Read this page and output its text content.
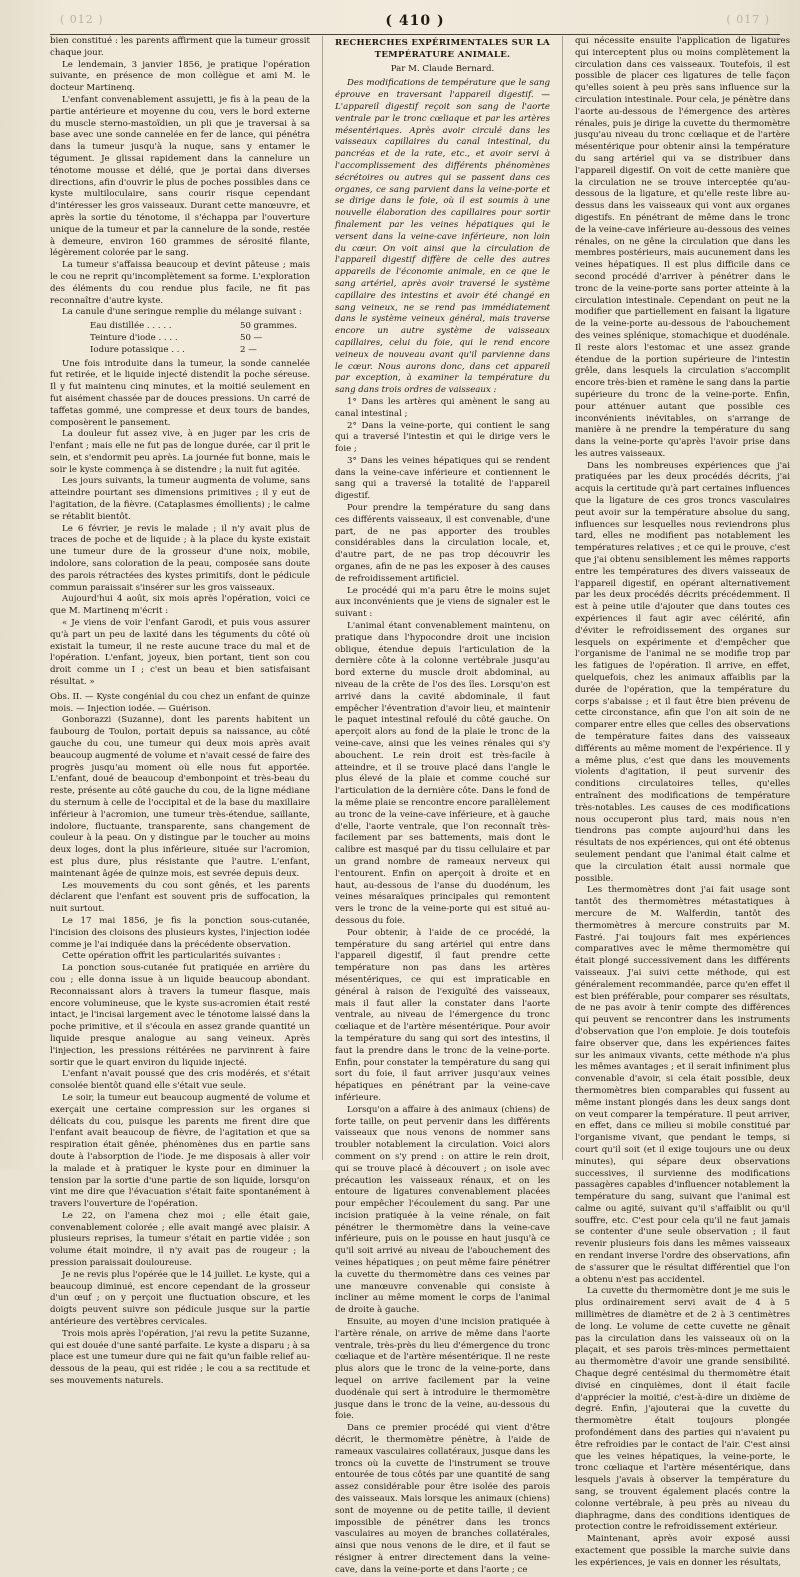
( 012 )	( 410 )	( 017 )

bien constitué : les parents affirment que la tumeur grossit chaque jour.

Le lendemain, 3 janvier 1856, je pratique l'opération suivante, en présence de mon collègue et ami M. le docteur Martinenq.

L'enfant convenablement assujetti, je fis à la peau de la partie antérieure et moyenne du cou, vers le bord externe du muscle sterno-mastoïdien, un pli que je traversai à sa base avec une sonde cannelée en fer de lance, qui pénétra dans la tumeur jusqu'à la nuque, sans y entamer le tégument. Je glissai rapidement dans la cannelure un ténotome mousse et délié, que je portai dans diverses directions, afin d'ouvrir le plus de poches possibles dans ce kyste multiloculaire, sans courir risque cependant d'intéresser les gros vaisseaux. Durant cette manœuvre, et après la sortie du ténotome, il s'échappa par l'ouverture unique de la tumeur et par la cannelure de la sonde, restée à demeure, environ 160 grammes de sérosité filante, légèrement colorée par le sang.

La tumeur s'affaissa beaucoup et devint pâteuse ; mais le cou ne reprit qu'incomplètement sa forme. L'exploration des éléments du cou rendue plus facile, ne fit pas reconnaître d'autre kyste.

La canule d'une seringue remplie du mélange suivant :

Eau distillée . . . . .	50 grammes.
Teinture d'iode . . . .	50 —
Iodure potassique . . .	2 —

Une fois introduite dans la tumeur, la sonde cannelée fut retirée, et le liquide injecté distendit la poche séreuse. Il y fut maintenu cinq minutes, et la moitié seulement en fut aisément chassée par de douces pressions. Un carré de taffetas gommé, une compresse et deux tours de bandes, composèrent le pansement.

La douleur fut assez vive, à en juger par les cris de l'enfant ; mais elle ne fut pas de longue durée, car il prit le sein, et s'endormit peu après. La journée fut bonne, mais le soir le kyste commença à se distendre ; la nuit fut agitée.

Les jours suivants, la tumeur augmenta de volume, sans atteindre pourtant ses dimensions primitives ; il y eut de l'agitation, de la fièvre. (Cataplasmes émollients) ; le calme se rétablit bientôt.

Le 6 février, je revis le malade ; il n'y avait plus de traces de poche et de liquide ; à la place du kyste existait une tumeur dure de la grosseur d'une noix, mobile, indolore, sans coloration de la peau, composée sans doute des parois rétractées des kystes primitifs, dont le pédicule commun paraissait s'insérer sur les gros vaisseaux.

Aujourd'hui 4 août, six mois après l'opération, voici ce que M. Martinenq m'écrit :

« Je viens de voir l'enfant Garodi, et puis vous assurer qu'à part un peu de laxité dans les téguments du côté où existait la tumeur, il ne reste aucune trace du mal et de l'opération. L'enfant, joyeux, bien portant, tient son cou droit comme un I ; c'est un beau et bien satisfaisant résultat. »

Obs. II. — Kyste congénial du cou chez un enfant de quinze mois. — Injection iodée. — Guérison.

Gonborazzi (Suzanne), dont les parents habitent un faubourg de Toulon, portait depuis sa naissance, au côté gauche du cou, une tumeur qui deux mois après avait beaucoup augmenté de volume et n'avait cessé de faire des progrès jusqu'au moment où elle nous fut apportée. L'enfant, doué de beaucoup d'embonpoint et très-beau du reste, présente au côté gauche du cou, de la ligne médiane du sternum à celle de l'occipital et de la base du maxillaire inférieur à l'acromion, une tumeur très-étendue, saillante, indolore, fluctuante, transparente, sans changement de couleur à la peau. On y distingue par le toucher au moins deux loges, dont la plus inférieure, située sur l'acromion, est plus dure, plus résistante que l'autre. L'enfant, maintenant âgée de quinze mois, est sevrée depuis deux.

Les mouvements du cou sont gênés, et les parents déclarent que l'enfant est souvent pris de suffocation, la nuit surtout.

Le 17 mai 1856, je fis la ponction sous-cutanée, l'incision des cloisons des plusieurs kystes, l'injection iodée comme je l'ai indiquée dans la précédente observation.

Cette opération offrit les particularités suivantes :

La ponction sous-cutanée fut pratiquée en arrière du cou ; elle donna issue à un liquide beaucoup abondant. Reconnaissant alors à travers la tumeur flasque, mais encore volumineuse, que le kyste sus-acromien était resté intact, je l'incisai largement avec le ténotome laissé dans la poche primitive, et il s'écoula en assez grande quantité un liquide presque analogue au sang veineux. Après l'injection, les pressions réitérées ne parvinrent à faire sortir que le quart environ du liquide injecté.

L'enfant n'avait poussé que des cris modérés, et s'était consolée bientôt quand elle s'était vue seule.

Le soir, la tumeur eut beaucoup augmenté de volume et exerçait une certaine compression sur les organes si délicats du cou, puisque les parents me firent dire que l'enfant avait beaucoup de fièvre, de l'agitation et que sa respiration était gênée, phénomènes dus en partie sans doute à l'absorption de l'iode. Je me disposais à aller voir la malade et à pratiquer le kyste pour en diminuer la tension par la sortie d'une partie de son liquide, lorsqu'on vint me dire que l'évacuation s'était faite spontanément à travers l'ouverture de l'opération.

Le 22, on l'amena chez moi ; elle était gaie, convenablement colorée ; elle avait mangé avec plaisir. A plusieurs reprises, la tumeur s'était en partie vidée ; son volume était moindre, il n'y avait pas de rougeur ; la pression paraissait douloureuse.

Je ne revis plus l'opérée que le 14 juillet. Le kyste, qui a beaucoup diminué, est encore cependant de la grosseur d'un œuf ; on y perçoit une fluctuation obscure, et les doigts peuvent suivre son pédicule jusque sur la partie antérieure des vertèbres cervicales.

Trois mois après l'opération, j'ai revu la petite Suzanne, qui est douée d'une santé parfaite. Le kyste a disparu ; à sa place est une tumeur dure qui ne fait qu'un faible relief au-dessous de la peau, qui est ridée ; le cou a sa rectitude et ses mouvements naturels.

RECHERCHES EXPÉRIMENTALES SUR LA TEMPÉRATURE ANIMALE.
Par M. Claude Bernard.

Des modifications de température que le sang éprouve en traversant l'appareil digestif. — L'appareil digestif reçoit son sang de l'aorte ventrale par le tronc cœliaque et par les artères mésentériques. Après avoir circulé dans les vaisseaux capillaires du canal intestinal, du pancréas et de la rate, etc., et avoir servi à l'accomplissement des différents phénomènes sécrétoires ou autres qui se passent dans ces organes, ce sang parvient dans la veine-porte et se dirige dans le foie, où il est soumis à une nouvelle élaboration des capillaires pour sortir finalement par les veines hépatiques qui le versent dans la veine-cave inférieure, non loin du cœur. On voit ainsi que la circulation de l'appareil digestif diffère de celle des autres appareils de l'économie animale, en ce que le sang artériel, après avoir traversé le système capillaire des intestins et avoir été changé en sang veineux, ne se rend pas immédiatement dans le système veineux général, mais traverse encore un autre système de vaisseaux capillaires, celui du foie, qui le rend encore veineux de nouveau avant qu'il parvienne dans le cœur. Nous aurons donc, dans cet appareil par exception, à examiner la température du sang dans trois ordres de vaisseaux :

1° Dans les artères qui amènent le sang au canal intestinal ;

2° Dans la veine-porte, qui contient le sang qui a traversé l'intestin et qui le dirige vers le foie ;

3° Dans les veines hépatiques qui se rendent dans la veine-cave inférieure et contiennent le sang qui a traversé la totalité de l'appareil digestif.

Pour prendre la température du sang dans ces différents vaisseaux, il est convenable, d'une part, de ne pas apporter des troubles considérables dans la circulation locale, et, d'autre part, de ne pas trop découvrir les organes, afin de ne pas les exposer à des causes de refroidissement artificiel.

Le procédé qui m'a paru être le moins sujet aux inconvénients que je viens de signaler est le suivant :

L'animal étant convenablement maintenu, on pratique dans l'hypocondre droit une incision oblique, étendue depuis l'articulation de la dernière côte à la colonne vertébrale jusqu'au bord externe du muscle droit abdominal, au niveau de la crête de l'os des îles. Lorsqu'on est arrivé dans la cavité abdominale, il faut empêcher l'éventration d'avoir lieu, et maintenir le paquet intestinal refoulé du côté gauche. On aperçoit alors au fond de la plaie le tronc de la veine-cave, ainsi que les veines rénales qui s'y abouchent. Le rein droit est très-facile à atteindre, et il se trouve placé dans l'angle le plus élevé de la plaie et comme couché sur l'articulation de la dernière côte. Dans le fond de la même plaie se rencontre encore parallèlement au tronc de la veine-cave inférieure, et à gauche d'elle, l'aorte ventrale, que l'on reconnaît très-facilement par ses battements, mais dont le calibre est masqué par du tissu cellulaire et par un grand nombre de rameaux nerveux qui l'entourent. Enfin on aperçoit à droite et en haut, au-dessous de l'anse du duodénum, les veines mésaraïques principales qui remontent vers le tronc de la veine-porte qui est situé au-dessous du foie.

Pour obtenir, à l'aide de ce procédé, la température du sang artériel qui entre dans l'appareil digestif, il faut prendre cette température non pas dans les artères mésentériques, ce qui est impraticable en général à raison de l'exiguïté des vaisseaux, mais il faut aller la constater dans l'aorte ventrale, au niveau de l'émergence du tronc cœliaque et de l'artère mésentérique. Pour avoir la température du sang qui sort des intestins, il faut la prendre dans le tronc de la veine-porte. Enfin, pour constater la température du sang qui sort du foie, il faut arriver jusqu'aux veines hépatiques en pénétrant par la veine-cave inférieure.

Lorsqu'on a affaire à des animaux (chiens) de forte taille, on peut pervenir dans les différents vaisseaux que nous venons de nommer sans troubler notablement la circulation. Voici alors comment on s'y prend : on attire le rein droit, qui se trouve placé à découvert ; on isole avec précaution les vaisseaux rénaux, et on les entoure de ligatures convenablement placées pour empêcher l'écoulement du sang. Par une incision pratiquée à la veine rénale, on fait pénétrer le thermomètre dans la veine-cave inférieure, puis on le pousse en haut jusqu'à ce qu'il soit arrivé au niveau de l'abouchement des veines hépatiques ; on peut même faire pénétrer la cuvette du thermomètre dans ces veines par une manœuvre convenable qui consiste à incliner au même moment le corps de l'animal de droite à gauche.

Ensuite, au moyen d'une incision pratiquée à l'artère rénale, on arrive de même dans l'aorte ventrale, très-près du lieu d'émergence du tronc cœliaque et de l'artère mésentérique. Il ne reste plus alors que le tronc de la veine-porte, dans lequel on arrive facilement par la veine duodénale qui sert à introduire le thermomètre jusque dans le tronc de la veine, au-dessous du foie.

Dans ce premier procédé qui vient d'être décrit, le thermomètre pénètre, à l'aide de rameaux vasculaires collatéraux, jusque dans les troncs où la cuvette de l'instrument se trouve entourée de tous côtés par une quantité de sang assez considérable pour être isolée des parois des vaisseaux. Mais lorsque les animaux (chiens) sont de moyenne ou de petite taille, il devient impossible de pénétrer dans les troncs vasculaires au moyen de branches collatérales, ainsi que nous venons de le dire, et il faut se résigner à entrer directement dans la veine-cave, dans la veine-porte et dans l'aorte ; ce

qui nécessite ensuite l'application de ligatures qui interceptent plus ou moins complètement la circulation dans ces vaisseaux. Toutefois, il est possible de placer ces ligatures de telle façon qu'elles soient à peu près sans influence sur la circulation intestinale. Pour cela, je pénètre dans l'aorte au-dessous de l'émergence des artères rénales, puis je dirige la cuvette du thermomètre jusqu'au niveau du tronc cœliaque et de l'artère mésentérique pour obtenir ainsi la température du sang artériel qui va se distribuer dans l'appareil digestif. On voit de cette manière que la circulation ne se trouve interceptée qu'au-dessous de la ligature, et qu'elle reste libre au-dessus dans les vaisseaux qui vont aux organes digestifs. En pénétrant de même dans le tronc de la veine-cave inférieure au-dessous des veines rénales, on ne gêne la circulation que dans les membres postérieurs, mais aucunement dans les veines hépatiques. Il est plus difficile dans ce second procédé d'arriver à pénétrer dans le tronc de la veine-porte sans porter atteinte à la circulation intestinale. Cependant on peut ne la modifier que partiellement en faisant la ligature de la veine-porte au-dessous de l'abouchement des veines splénique, stomachique et duodénale. Il reste alors l'estomac et une assez grande étendue de la portion supérieure de l'intestin grêle, dans lesquels la circulation s'accomplit encore très-bien et ramène le sang dans la partie supérieure du tronc de la veine-porte. Enfin, pour atténuer autant que possible ces inconvénients inévitables, on s'arrange de manière à ne prendre la température du sang dans la veine-porte qu'après l'avoir prise dans les autres vaisseaux.

Dans les nombreuses expériences que j'ai pratiquées par les deux procédés décrits, j'ai acquis la certitude qu'à part certaines influences que la ligature de ces gros troncs vasculaires peut avoir sur la température absolue du sang, influences sur lesquelles nous reviendrons plus tard, elles ne modifient pas notablement les températures relatives ; et ce qui le prouve, c'est que j'ai obtenu sensiblement les mêmes rapports entre les températures des divers vaisseaux de l'appareil digestif, en opérant alternativement par les deux procédés décrits précédemment. Il est à peine utile d'ajouter que dans toutes ces expériences il faut agir avec célérité, afin d'éviter le refroidissement des organes sur lesquels on expérimente et d'empêcher que l'organisme de l'animal ne se modifie trop par les fatigues de l'opération. Il arrive, en effet, quelquefois, chez les animaux affaiblis par la durée de l'opération, que la température du corps s'abaisse ; et il faut être bien prévenu de cette circonstance, afin que l'on ait soin de ne comparer entre elles que celles des observations de température faites dans des vaisseaux différents au même moment de l'expérience. Il y a même plus, c'est que dans les mouvements violents d'agitation, il peut survenir des conditions circulatoires telles, qu'elles entraînent des modifications de température très-notables. Les causes de ces modifications nous occuperont plus tard, mais nous n'en tiendrons pas compte aujourd'hui dans les résultats de nos expériences, qui ont été obtenus seulement pendant que l'animal était calme et que la circulation était aussi normale que possible.

Les thermomètres dont j'ai fait usage sont tantôt des thermomètres métastatiques à mercure de M. Walferdin, tantôt des thermomètres à mercure construits par M. Fastré. J'ai toujours fait mes expériences comparatives avec le même thermomètre qui était plongé successivement dans les différents vaisseaux. J'ai suivi cette méthode, qui est généralement recommandée, parce qu'en effet il est bien préférable, pour comparer ses résultats, de ne pas avoir à tenir compte des différences qui peuvent se rencontrer dans les instruments d'observation que l'on emploie. Je dois toutefois faire observer que, dans les expériences faites sur les animaux vivants, cette méthode n'a plus les mêmes avantages ; et il serait infiniment plus convenable d'avoir, si cela était possible, deux thermomètres bien comparables qui fussent au même instant plongés dans les deux sangs dont on veut comparer la température. Il peut arriver, en effet, dans ce milieu si mobile constitué par l'organisme vivant, que pendant le temps, si court qu'il soit (et il exige toujours une ou deux minutes), qui sépare deux observations successives, il survienne des modifications passagères capables d'influencer notablement la température du sang, suivant que l'animal est calme ou agité, suivant qu'il s'affaiblit ou qu'il souffre, etc. C'est pour cela qu'il ne faut jamais se contenter d'une seule observation ; il faut revenir plusieurs fois dans les mêmes vaisseaux en rendant inverse l'ordre des observations, afin de s'assurer que le résultat différentiel que l'on a obtenu n'est pas accidentel.

La cuvette du thermomètre dont je me suis le plus ordinairement servi avait de 4 à 5 millimètres de diamètre et de 2 à 3 centimètres de long. Le volume de cette cuvette ne gênait pas la circulation dans les vaisseaux où on la plaçait, et ses parois très-minces permettaient au thermomètre d'avoir une grande sensibilité. Chaque degré centésimal du thermomètre était divisé en cinquièmes, dont il était facile d'apprécier la moitié, c'est-à-dire un dixième de degré. Enfin, j'ajouterai que la cuvette du thermomètre était toujours plongée profondément dans des parties qui n'avaient pu être refroidies par le contact de l'air. C'est ainsi que les veines hépatiques, la veine-porte, le tronc cœliaque et l'artère mésentérique, dans lesquels j'avais à observer la température du sang, se trouvent également placés contre la colonne vertébrale, à peu près au niveau du diaphragme, dans des conditions identiques de protection contre le refroidissement extérieur.

Maintenant, après avoir exposé aussi exactement que possible la marche suivie dans les expériences, je vais en donner les résultats,
